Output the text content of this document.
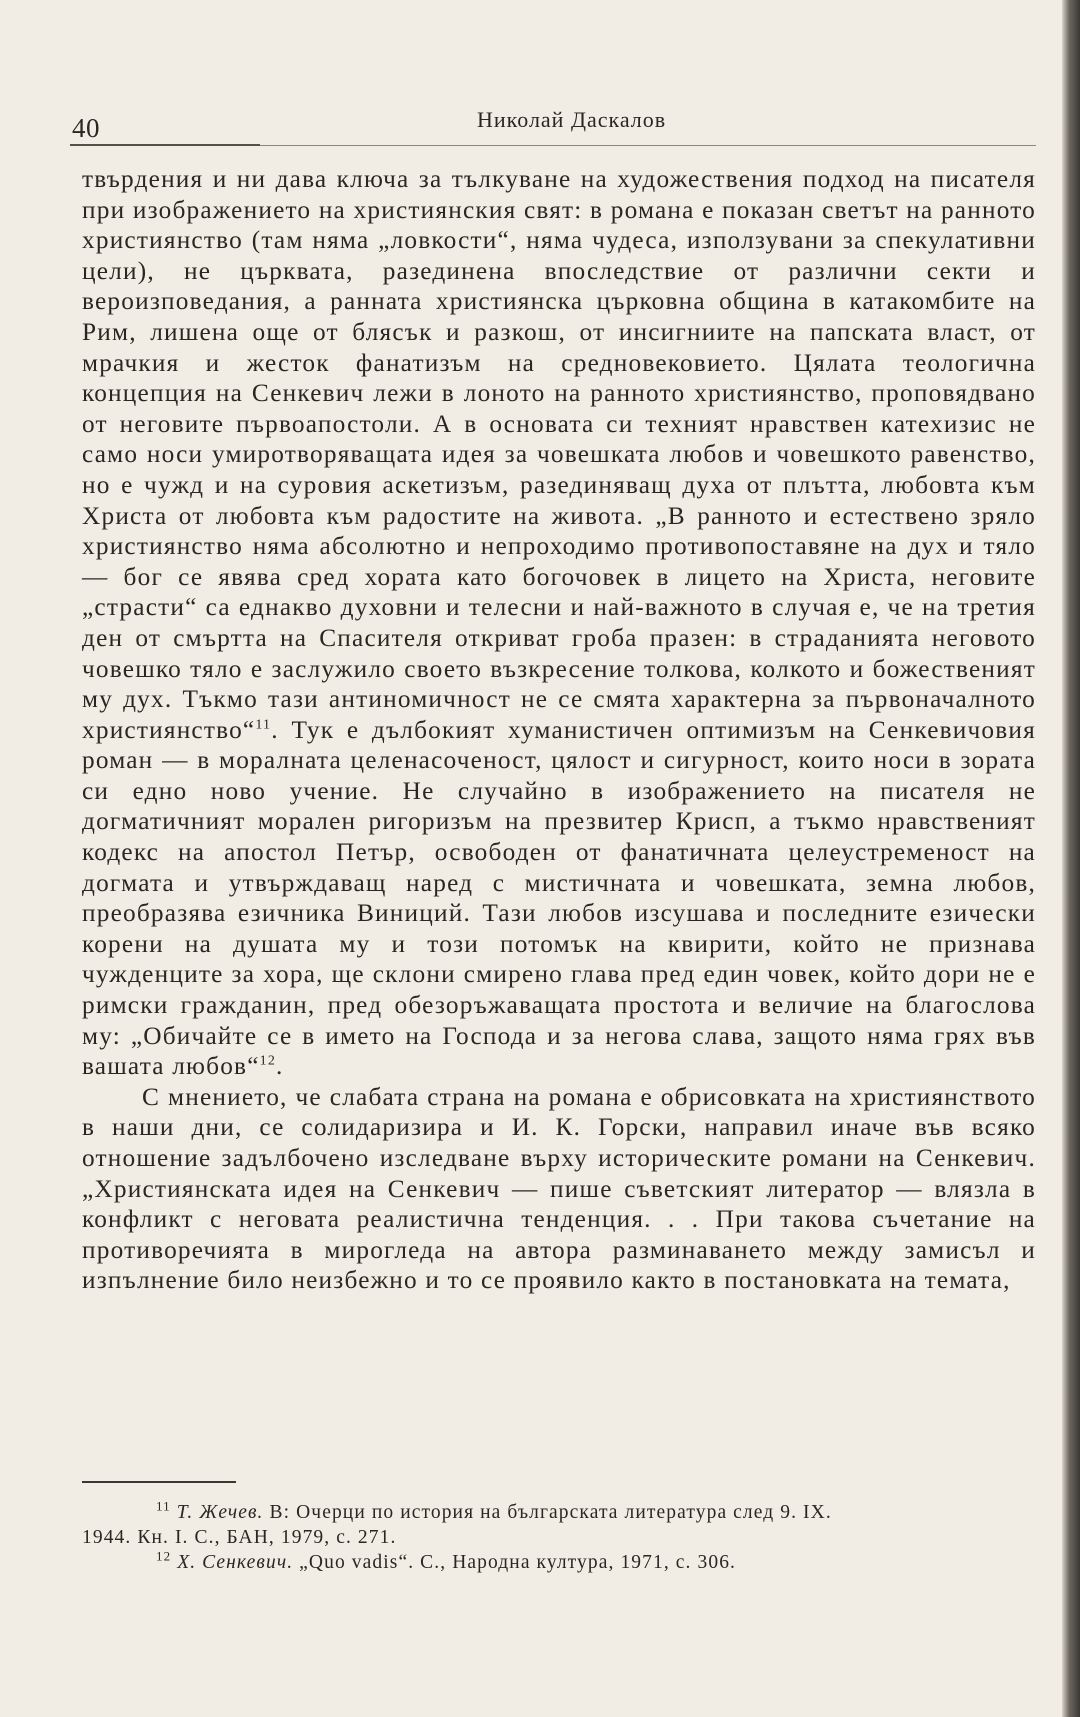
40	Николай Даскалов

твърдения и ни дава ключа за тълкуване на художествения подход на писателя при изображението на християнския свят: в романа е показан светът на ранното християнство (там няма „ловкости“, няма чудеса, използувани за спекулативни цели), не църквата, разединена впоследствие от различни секти и вероизповедания, а ранната християнска църковна община в катакомбите на Рим, лишена още от блясък и разкош, от инсигниите на папската власт, от мрачкия и жесток фанатизъм на средновековието. Цялата теологична концепция на Сенкевич лежи в лоното на ранното християнство, проповядвано от неговите първоапостоли. А в основата си техният нравствен катехизис не само носи умиротворяващата идея за човешката любов и човешкото равенство, но е чужд и на суровия аскетизъм, разединяващ духа от плътта, любовта към Христа от любовта към радостите на живота. „В ранното и естествено зряло християнство няма абсолютно и непроходимо противопоставяне на дух и тяло — бог се явява сред хората като богочовек в лицето на Христа, неговите „страсти“ са еднакво духовни и телесни и най-важното в случая е, че на третия ден от смъртта на Спасителя откриват гроба празен: в страданията неговото човешко тяло е заслужило своето възкресение толкова, колкото и божественият му дух. Тъкмо тази антиномичност не се смята характерна за първоначалното християнство“$^{11}$. Тук е дълбокият хуманистичен оптимизъм на Сенкевичовия роман — в моралната целенасоченост, цялост и сигурност, които носи в зората си едно ново учение. Не случайно в изображението на писателя не догматичният морален ригоризъм на презвитер Крисп, а тъкмо нравственият кодекс на апостол Петър, освободен от фанатичната целеустременост на догмата и утвърждаващ наред с мистичната и човешката, земна любов, преобразява езичника Виниций. Тази любов изсушава и последните езически корени на душата му и този потомък на квирити, който не признава чужденците за хора, ще склони смирено глава пред един човек, който дори не е римски гражданин, пред обезоръжаващата простота и величие на благослова му: „Обичайте се в името на Господа и за негова слава, защото няма грях във вашата любов“$^{12}$.

С мнението, че слабата страна на романа е обрисовката на християнството в наши дни, се солидаризира и И. К. Горски, направил иначе във всяко отношение задълбочено изследване върху историческите романи на Сенкевич. „Християнската идея на Сенкевич — пише съветският литератор — влязла в конфликт с неговата реалистична тенденция. . . При такова съчетание на противоречията в мирогледа на автора разминаването между замисъл и изпълнение било неизбежно и то се проявило както в постановката на темата,

$^{11}$ Т. Жечев. В: Очерци по история на българската литература след 9. IX.

1944. Кн. I. С., БАН, 1979, с. 271.

$^{12}$ Х. Сенкевич. „Quo vadis“. С., Народна култура, 1971, с. 306.
